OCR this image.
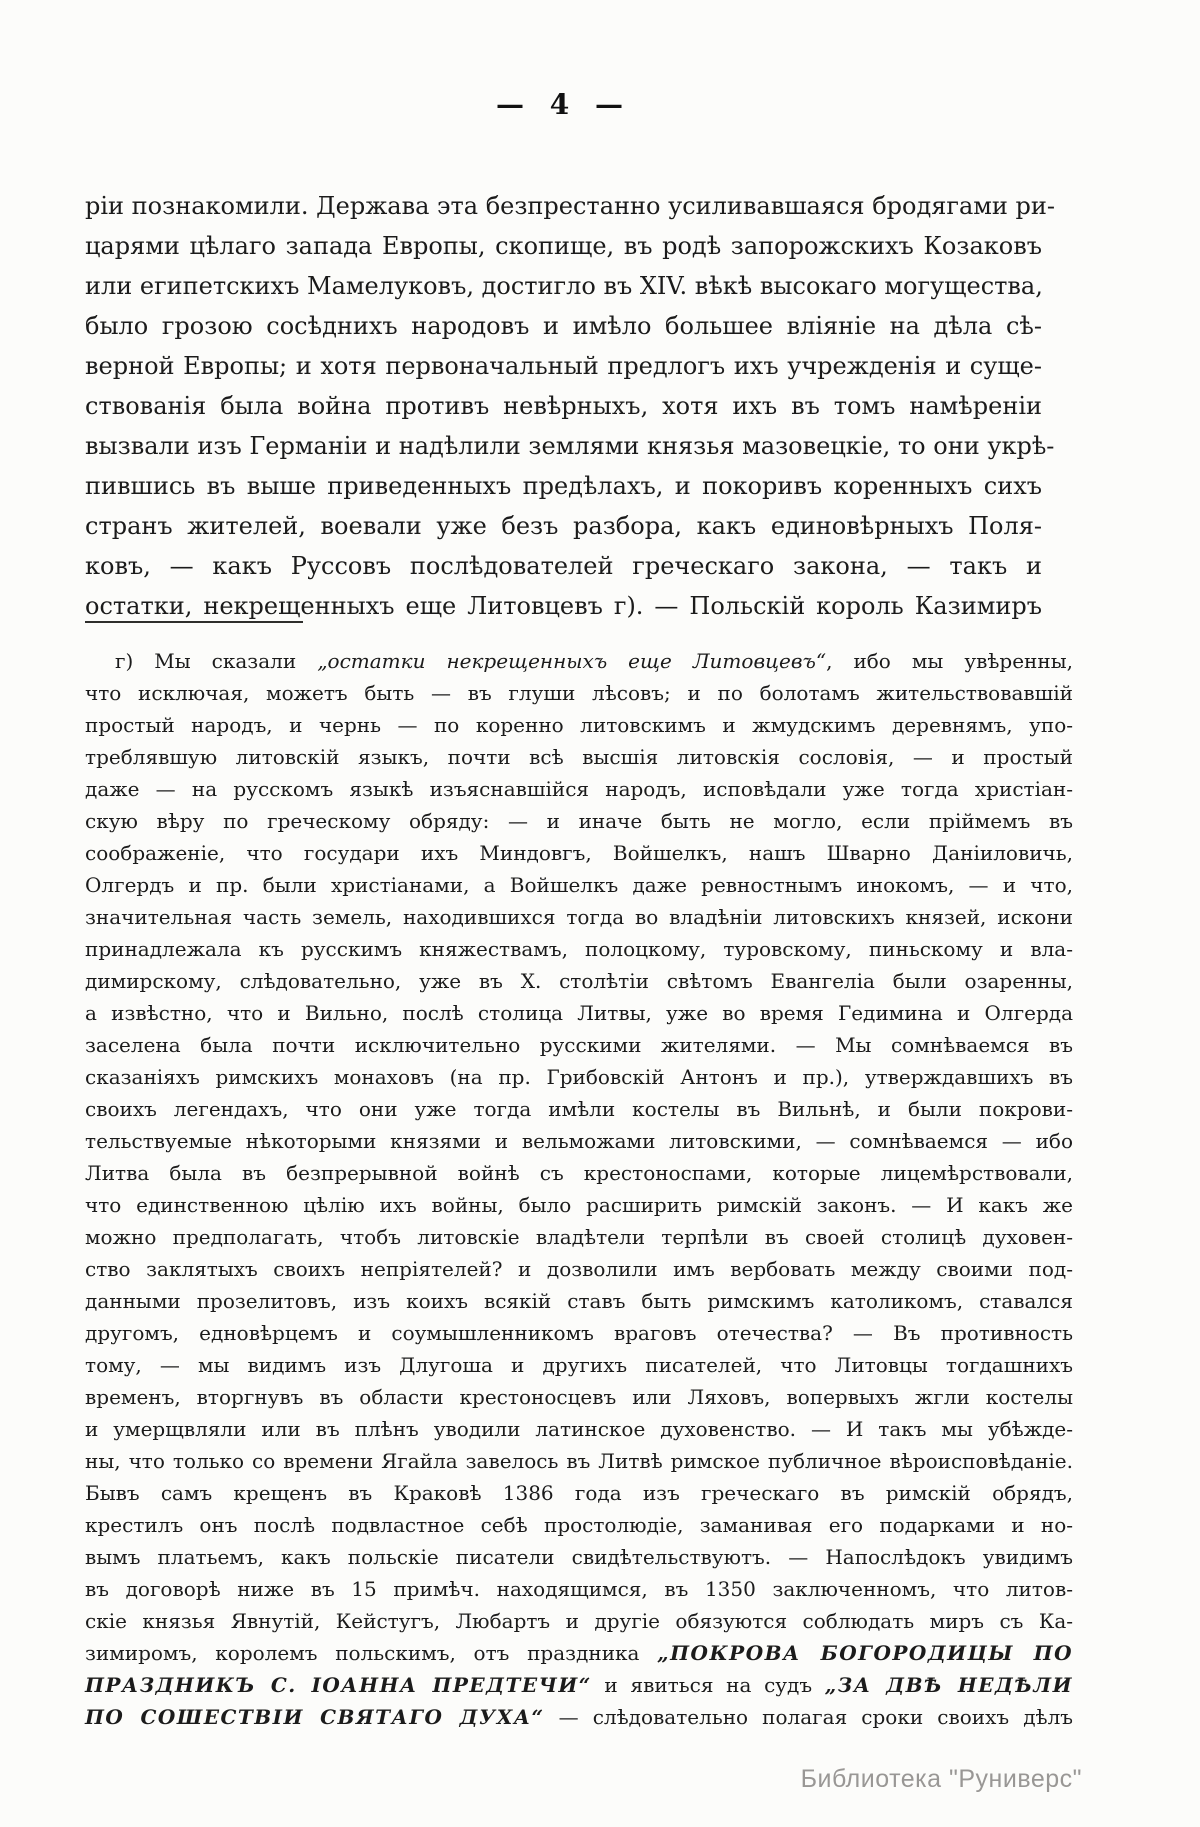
— 4 —
ріи познакомили. Держава эта безпрестанно усиливавшаяся бродягами ри-
царями цѣлаго запада Европы, скопище, въ родѣ запорожскихъ Козаковъ
или египетскихъ Мамелуковъ, достигло въ XIV. вѣкѣ высокаго могущества,
было грозою сосѣднихъ народовъ и имѣло большее вліяніе на дѣла сѣ-
верной Европы; и хотя первоначальный предлогъ ихъ учрежденія и суще-
ствованія была война противъ невѣрныхъ, хотя ихъ въ томъ намѣреніи
вызвали изъ Германіи и надѣлили землями князья мазовецкіе, то они укрѣ-
пившись въ выше приведенныхъ предѣлахъ, и покоривъ коренныхъ сихъ
странъ жителей, воевали уже безъ разбора, какъ единовѣрныхъ Поля-
ковъ, — какъ Руссовъ послѣдователей греческаго закона, — такъ и
остатки, некрещенныхъ еще Литовцевъ г). — Польскій король Казимиръ
г) Мы сказали „остатки некрещенныхъ еще Литовцевъ“, ибо мы увѣренны,
что исключая, можетъ быть — въ глуши лѣсовъ; и по болотамъ жительствовавшій
простый народъ, и чернь — по коренно литовскимъ и жмудскимъ деревнямъ, упо-
треблявшую литовскій языкъ, почти всѣ высшія литовскія сословія, — и простый
даже — на русскомъ языкѣ изъяснавшійся народъ, исповѣдали уже тогда христіан-
скую вѣру по греческому обряду: — и иначе быть не могло, если пріймемъ въ
соображеніе, что государи ихъ Миндовгъ, Войшелкъ, нашъ Шварно Даніиловичь,
Олгердъ и пр. были христіанами, а Войшелкъ даже ревностнымъ инокомъ, — и что,
значительная часть земель, находившихся тогда во владѣніи литовскихъ князей, искони
принадлежала къ русскимъ княжествамъ, полоцкому, туровскому, пиньскому и вла-
димирскому, слѣдовательно, уже въ X. столѣтіи свѣтомъ Евангеліа были озаренны,
а извѣстно, что и Вильно, послѣ столица Литвы, уже во время Гедимина и Олгерда
заселена была почти исключительно русскими жителями. — Мы сомнѣваемся въ
сказаніяхъ римскихъ монаховъ (на пр. Грибовскій Антонъ и пр.), утверждавшихъ въ
своихъ легендахъ, что они уже тогда имѣли костелы въ Вильнѣ, и были покрови-
тельствуемые нѣкоторыми князями и вельможами литовскими, — сомнѣваемся — ибо
Литва была въ безпрерывной войнѣ съ крестоноспами, которые лицемѣрствовали,
что единственною цѣлію ихъ войны, было расширить римскій законъ. — И какъ же
можно предполагать, чтобъ литовскіе владѣтели терпѣли въ своей столицѣ духовен-
ство заклятыхъ своихъ непріятелей? и дозволили имъ вербовать между своими под-
данными прозелитовъ, изъ коихъ всякій ставъ быть римскимъ католикомъ, ставался
другомъ, едновѣрцемъ и соумышленникомъ враговъ отечества? — Въ противность
тому, — мы видимъ изъ Длугоша и другихъ писателей, что Литовцы тогдашнихъ
временъ, вторгнувъ въ области крестоносцевъ или Ляховъ, вопервыхъ жгли костелы
и умерщвляли или въ плѣнъ уводили латинское духовенство. — И такъ мы убѣжде-
ны, что только со времени Ягайла завелось въ Литвѣ римское публичное вѣроисповѣданіе.
Бывъ самъ крещенъ въ Краковѣ 1386 года изъ греческаго въ римскій обрядъ,
крестилъ онъ послѣ подвластное себѣ простолюдіе, заманивая его подарками и но-
вымъ платьемъ, какъ польскіе писатели свидѣтельствуютъ. — Напослѣдокъ увидимъ
въ договорѣ ниже въ 15 примѣч. находящимся, въ 1350 заключенномъ, что литов-
скіе князья Явнутій, Кейстугъ, Любартъ и другіе обязуются соблюдать миръ съ Ка-
зимиромъ, королемъ польскимъ, отъ праздника „ПОКРОВА БОГОРОДИЦЫ ПО
ПРАЗДНИКЪ С. ІОАННА ПРЕДТЕЧИ“ и явиться на судъ „ЗА ДВѢ НЕДѢЛИ
ПО СОШЕСТВІИ СВЯТАГО ДУХА“ — слѣдовательно полагая сроки своихъ дѣлъ
Библиотека "Руниверс"
